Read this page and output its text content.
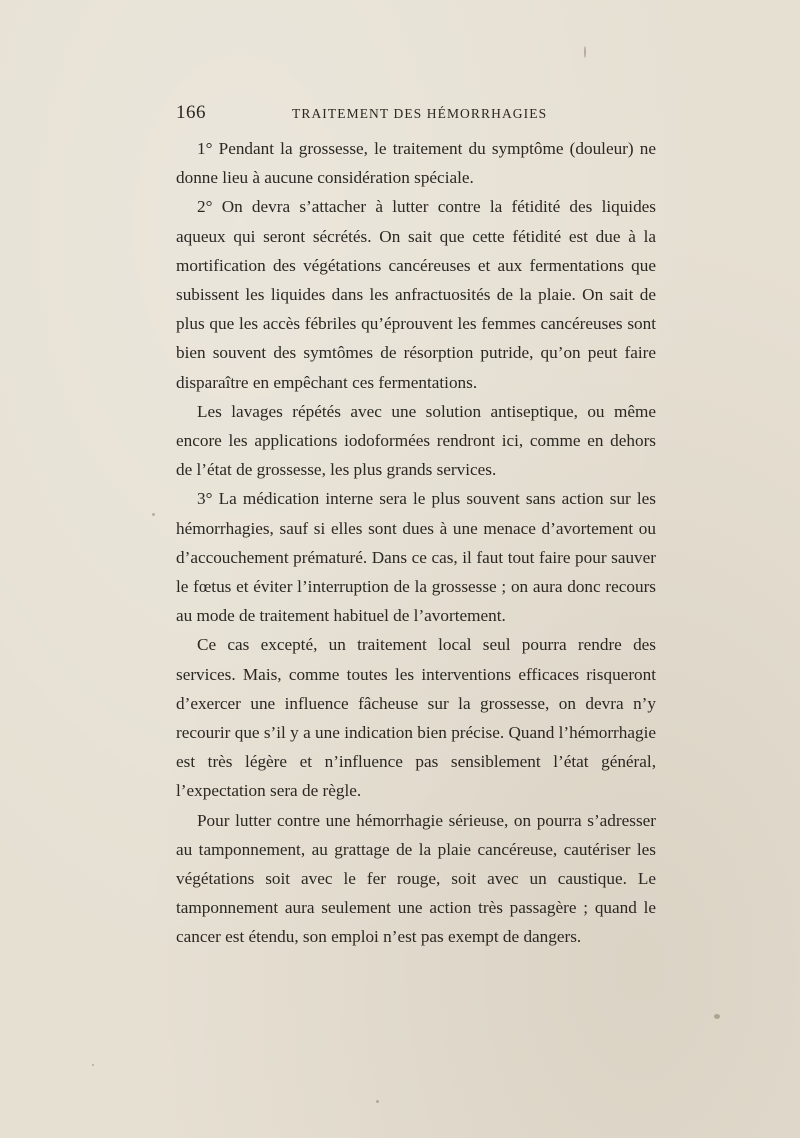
166	TRAITEMENT DES HÉMORRHAGIES

1° Pendant la grossesse, le traitement du symptôme (douleur) ne donne lieu à aucune considération spéciale.

2° On devra s’attacher à lutter contre la fétidité des liquides aqueux qui seront sécrétés. On sait que cette fétidité est due à la mortification des végétations cancéreuses et aux fermentations que subissent les liquides dans les anfractuosités de la plaie. On sait de plus que les accès fébriles qu’éprouvent les femmes cancéreuses sont bien souvent des symtômes de résorption putride, qu’on peut faire disparaître en empêchant ces fermentations.

Les lavages répétés avec une solution antiseptique, ou même encore les applications iodoformées rendront ici, comme en dehors de l’état de grossesse, les plus grands services.

3° La médication interne sera le plus souvent sans action sur les hémorrhagies, sauf si elles sont dues à une menace d’avortement ou d’accouchement prématuré. Dans ce cas, il faut tout faire pour sauver le fœtus et éviter l’interruption de la grossesse ; on aura donc recours au mode de traitement habituel de l’avortement.

Ce cas excepté, un traitement local seul pourra rendre des services. Mais, comme toutes les interventions efficaces risqueront d’exercer une influence fâcheuse sur la grossesse, on devra n’y recourir que s’il y a une indication bien précise. Quand l’hémorrhagie est très légère et n’influence pas sensiblement l’état général, l’expectation sera de règle.

Pour lutter contre une hémorrhagie sérieuse, on pourra s’adresser au tamponnement, au grattage de la plaie cancéreuse, cautériser les végétations soit avec le fer rouge, soit avec un caustique. Le tamponnement aura seulement une action très passagère ; quand le cancer est étendu, son emploi n’est pas exempt de dangers.
